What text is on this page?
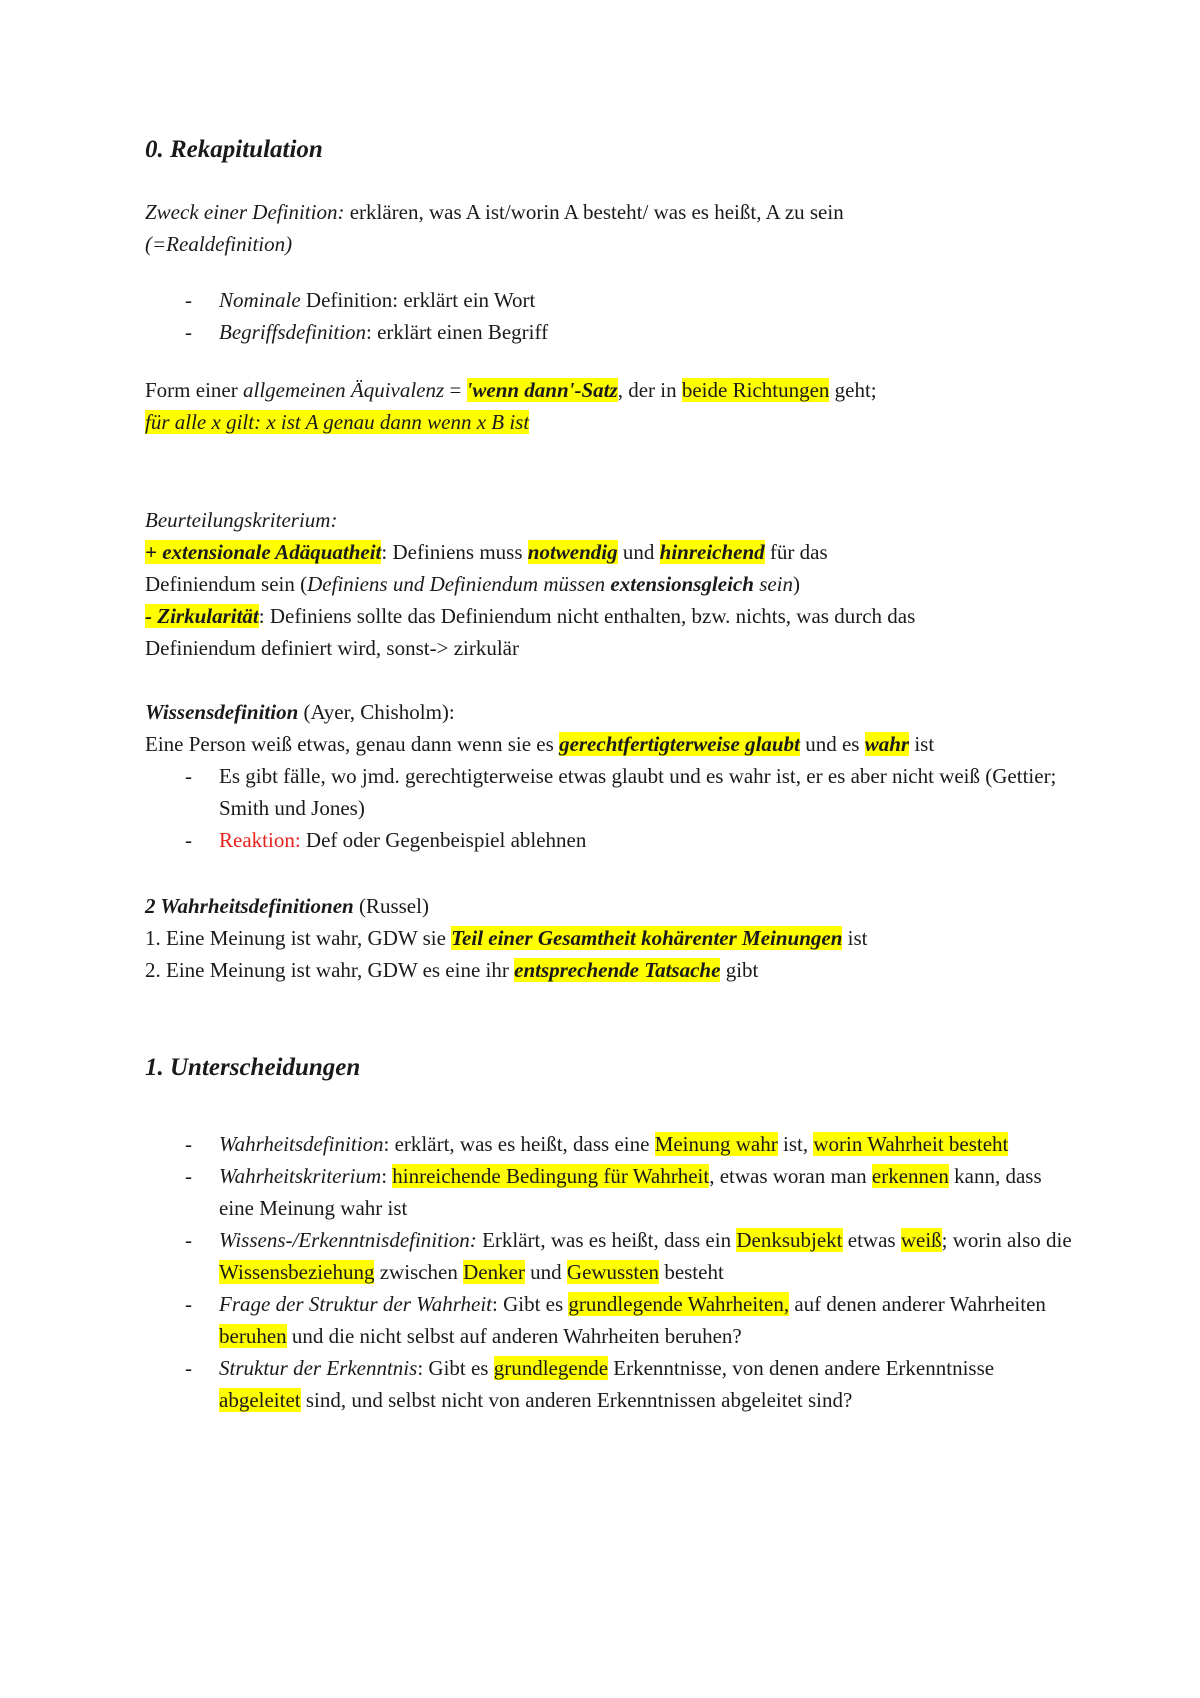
0. Rekapitulation

Zweck einer Definition: erklären, was A ist/worin A besteht/ was es heißt, A zu sein
(=Realdefinition)

- Nominale Definition: erklärt ein Wort
- Begriffsdefinition: erklärt einen Begriff

Form einer allgemeinen Äquivalenz = 'wenn dann'-Satz, der in beide Richtungen geht;
für alle x gilt: x ist A genau dann wenn x B ist

Beurteilungskriterium:
+ extensionale Adäquatheit: Definiens muss notwendig und hinreichend für das
Definiendum sein (Definiens und Definiendum müssen extensionsgleich sein)
- Zirkularität: Definiens sollte das Definiendum nicht enthalten, bzw. nichts, was durch das
Definiendum definiert wird, sonst-> zirkulär

Wissensdefinition (Ayer, Chisholm):
Eine Person weiß etwas, genau dann wenn sie es gerechtfertigterweise glaubt und es wahr ist

- Es gibt fälle, wo jmd. gerechtigterweise etwas glaubt und es wahr ist, er es aber nicht weiß (Gettier; Smith und Jones)
- Reaktion: Def oder Gegenbeispiel ablehnen

2 Wahrheitsdefinitionen (Russel)
1. Eine Meinung ist wahr, GDW sie Teil einer Gesamtheit kohärenter Meinungen ist
2. Eine Meinung ist wahr, GDW es eine ihr entsprechende Tatsache gibt

1. Unterscheidungen
- Wahrheitsdefinition: erklärt, was es heißt, dass eine Meinung wahr ist, worin Wahrheit besteht
- Wahrheitskriterium: hinreichende Bedingung für Wahrheit, etwas woran man erkennen kann, dass eine Meinung wahr ist
- Wissens-/Erkenntnisdefinition: Erklärt, was es heißt, dass ein Denksubjekt etwas weiß; worin also die Wissensbeziehung zwischen Denker und Gewussten besteht
- Frage der Struktur der Wahrheit: Gibt es grundlegende Wahrheiten, auf denen anderer Wahrheiten beruhen und die nicht selbst auf anderen Wahrheiten beruhen?
- Struktur der Erkenntnis: Gibt es grundlegende Erkenntnisse, von denen andere Erkenntnisse abgeleitet sind, und selbst nicht von anderen Erkenntnissen abgeleitet sind?
